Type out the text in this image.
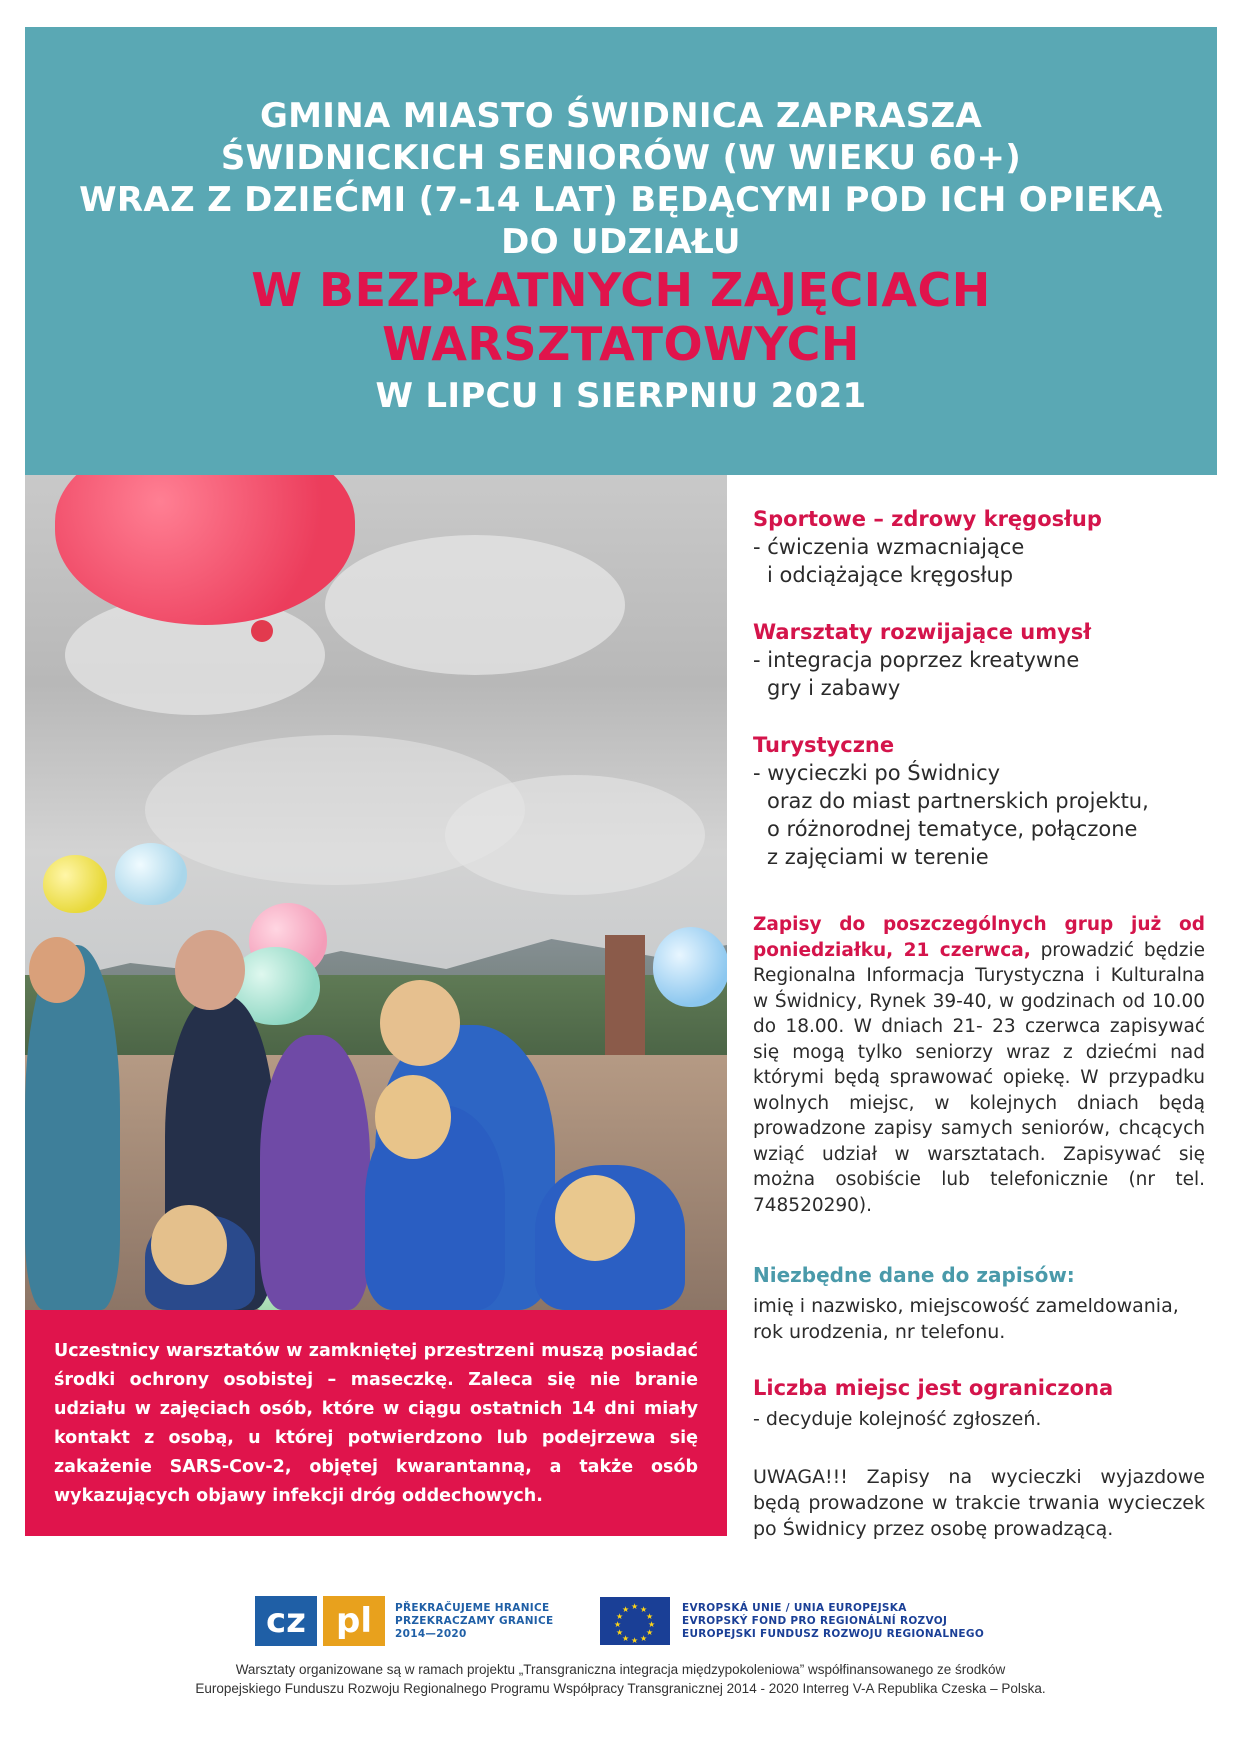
GMINA MIASTO ŚWIDNICA ZAPRASZA
ŚWIDNICKICH SENIORÓW (W WIEKU 60+)
WRAZ Z DZIEĆMI (7-14 LAT) BĘDĄCYMI POD ICH OPIEKĄ
DO UDZIAŁU
W BEZPŁATNYCH ZAJĘCIACH
WARSZTATOWYCH
W LIPCU I SIERPNIU 2021

Uczestnicy warsztatów w zamkniętej przestrzeni muszą posiadać środki ochrony osobistej – maseczkę. Zaleca się nie branie udziału w zajęciach osób, które w ciągu ostatnich 14 dni miały kontakt z osobą, u której potwierdzono lub podejrzewa się zakażenie SARS-Cov-2, objętej kwarantanną, a także osób wykazujących objawy infekcji dróg oddechowych.

Sportowe – zdrowy kręgosłup
- ćwiczenia wzmacniające
i odciążające kręgosłup
Warsztaty rozwijające umysł
- integracja poprzez kreatywne
gry i zabawy
Turystyczne
- wycieczki po Świdnicy
oraz do miast partnerskich projektu,
o różnorodnej tematyce, połączone
z zajęciami w terenie
Zapisy do poszczególnych grup już od poniedziałku, 21 czerwca, prowadzić będzie Regionalna Informacja Turystyczna i Kulturalna w Świdnicy, Rynek 39-40, w godzinach od 10.00 do 18.00. W dniach 21- 23 czerwca zapisywać się mogą tylko seniorzy wraz z dziećmi nad którymi będą sprawować opiekę. W przypadku wolnych miejsc, w kolejnych dniach będą prowadzone zapisy samych seniorów, chcących wziąć udział w warsztatach. Zapisywać się można osobiście lub telefonicznie (nr tel. 748520290).
Niezbędne dane do zapisów:
imię i nazwisko, miejscowość zameldowania, rok urodzenia, nr telefonu.
Liczba miejsc jest ograniczona
- decyduje kolejność zgłoszeń.
UWAGA!!! Zapisy na wycieczki wyjazdowe będą prowadzone w trakcie trwania wycieczek po Świdnicy przez osobę prowadzącą.
cz pl	PŘEKRAČUJEME HRANICE
PRZEKRACZAMY GRANICE
2014—2020
★ ★
★
★
★
★
★
★
★
★
★
★	EVROPSKÁ UNIE / UNIA EUROPEJSKA
EVROPSKÝ FOND PRO REGIONÁLNÍ ROZVOJ
EUROPEJSKI FUNDUSZ ROZWOJU REGIONALNEGO
Warsztaty organizowane są w ramach projektu „Transgraniczna integracja międzypokoleniowa” współfinansowanego ze środków
Europejskiego Funduszu Rozwoju Regionalnego Programu Współpracy Transgranicznej 2014 - 2020 Interreg V-A Republika Czeska – Polska.
